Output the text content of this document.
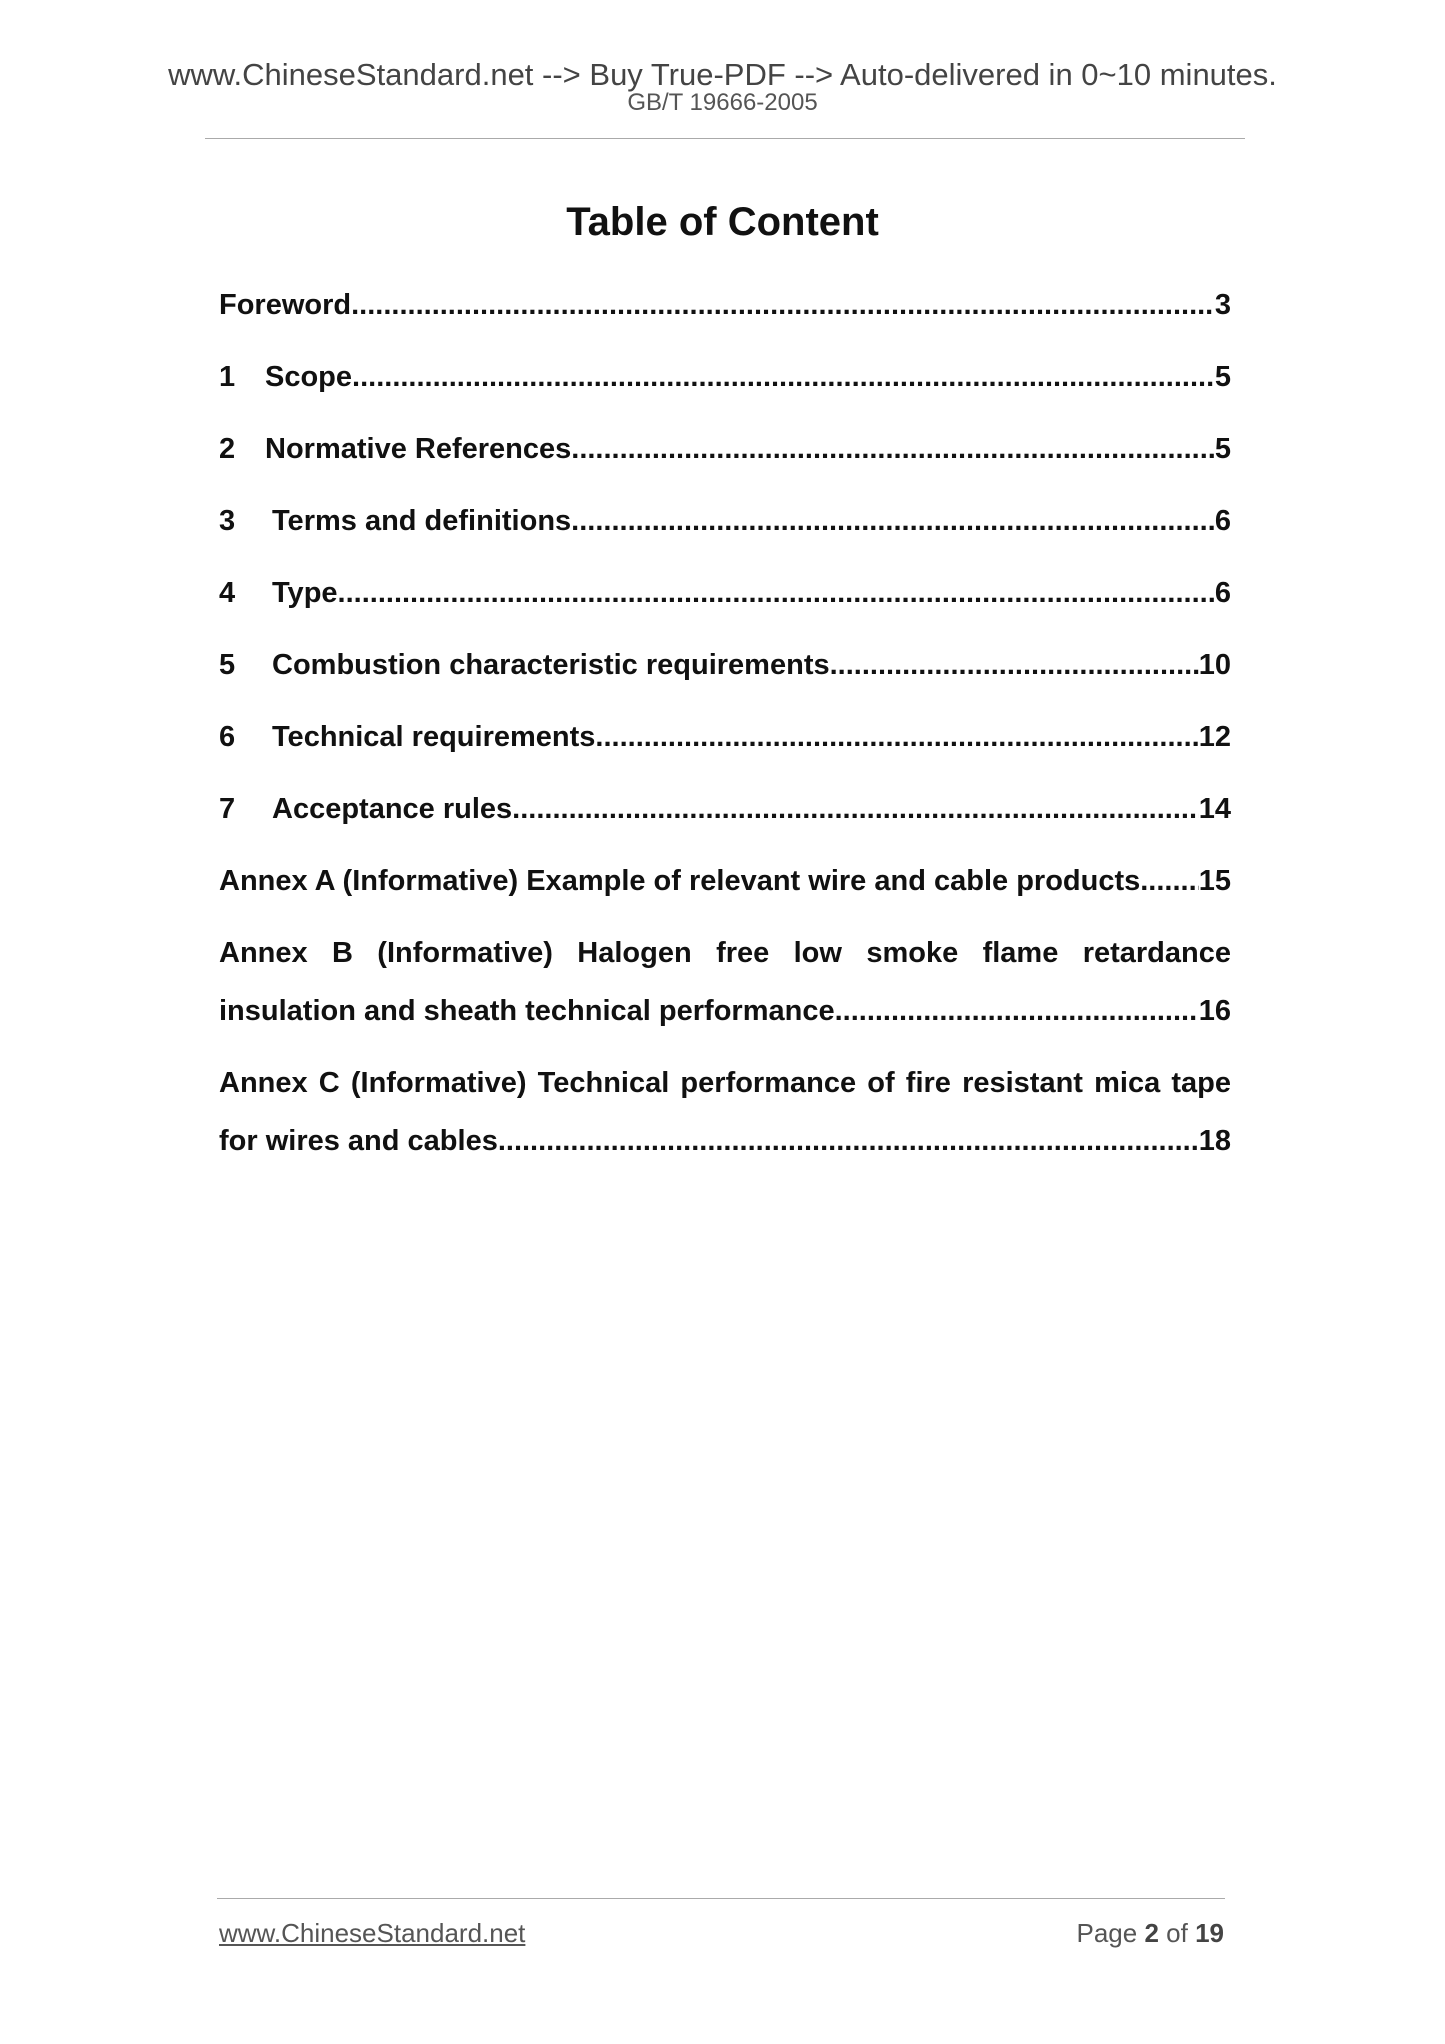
www.ChineseStandard.net --> Buy True-PDF --> Auto-delivered in 0~10 minutes.
GB/T 19666-2005
Table of Content
Foreword .....	3
1	Scope .....	5
2	Normative References .....	5
3	Terms and definitions .....	6
4	Type .....	6
5	Combustion characteristic requirements .....	10
6	Technical requirements .....	12
7	Acceptance rules .....	14
Annex A (Informative) Example of relevant wire and cable products ..... 15
Annex B (Informative) Halogen free low smoke flame retardance
insulation and sheath technical performance .....	16
Annex C (Informative) Technical performance of fire resistant mica tape
for wires and cables .....	18
www.ChineseStandard.net	Page 2 of 19
